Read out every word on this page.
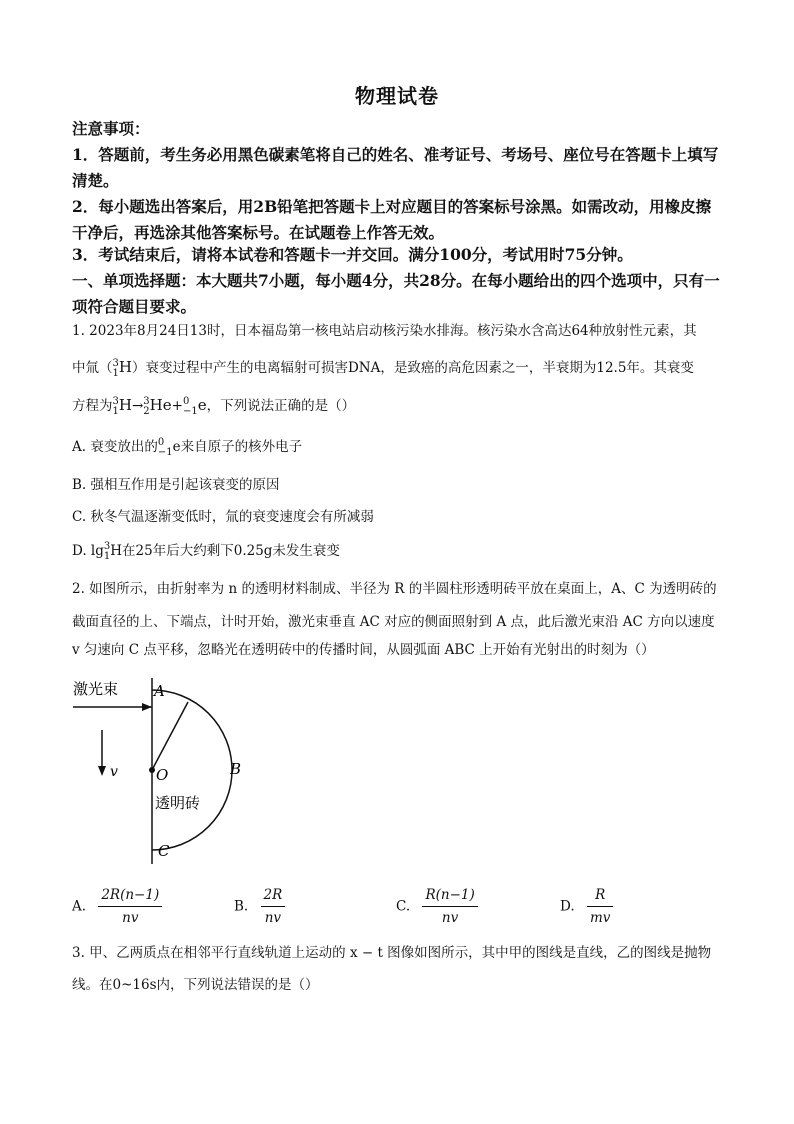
物理试卷
注意事项：
1．答题前，考生务必用黑色碳素笔将自己的姓名、准考证号、考场号、座位号在答题卡上填写清楚。
2．每小题选出答案后，用2B铅笔把答题卡上对应题目的答案标号涂黑。如需改动，用橡皮擦干净后，再选涂其他答案标号。在试题卷上作答无效。
3．考试结束后，请将本试卷和答题卡一并交回。满分100分，考试用时75分钟。
一、单项选择题：本大题共7小题，每小题4分，共28分。在每小题给出的四个选项中，只有一项符合题目要求。
1. 2023年8月24日13时，日本福岛第一核电站启动核污染水排海。核污染水含高达64种放射性元素，其
中氚（ 3
1 H）衰变过程中产生的电离辐射可损害DNA，是致癌的高危因素之一，半衰期为12.5年。其衰变
方程为 3
1 H→ 3
2 He+ 0
−1 e，下列说法正确的是（）
A. 衰变放出的 0
−1 e来自原子的核外电子
B. 强相互作用是引起该衰变的原因
C. 秋冬气温逐渐变低时，氚的衰变速度会有所减弱
D. lg 3
1 H在25年后大约剩下0.25g未发生衰变
2. 如图所示，由折射率为 n 的透明材料制成、半径为 R 的半圆柱形透明砖平放在桌面上，A、C 为透明砖的
截面直径的上、下端点，计时开始，激光束垂直 AC 对应的侧面照射到 A 点，此后激光束沿 AC 方向以速度
v 匀速向 C 点平移，忽略光在透明砖中的传播时间，从圆弧面 ABC 上开始有光射出的时刻为（）
激光束 A
B
C
O
v
透明砖
A. $\frac{2R(n-1)}{nv}$	B. $\frac{2R}{nv}$	C. $\frac{R(n-1)}{nv}$	D. $\frac{R}{mv}$
3. 甲、乙两质点在相邻平行直线轨道上运动的 x − t 图像如图所示，其中甲的图线是直线，乙的图线是抛物
线。在0~16s内，下列说法错误的是（）
